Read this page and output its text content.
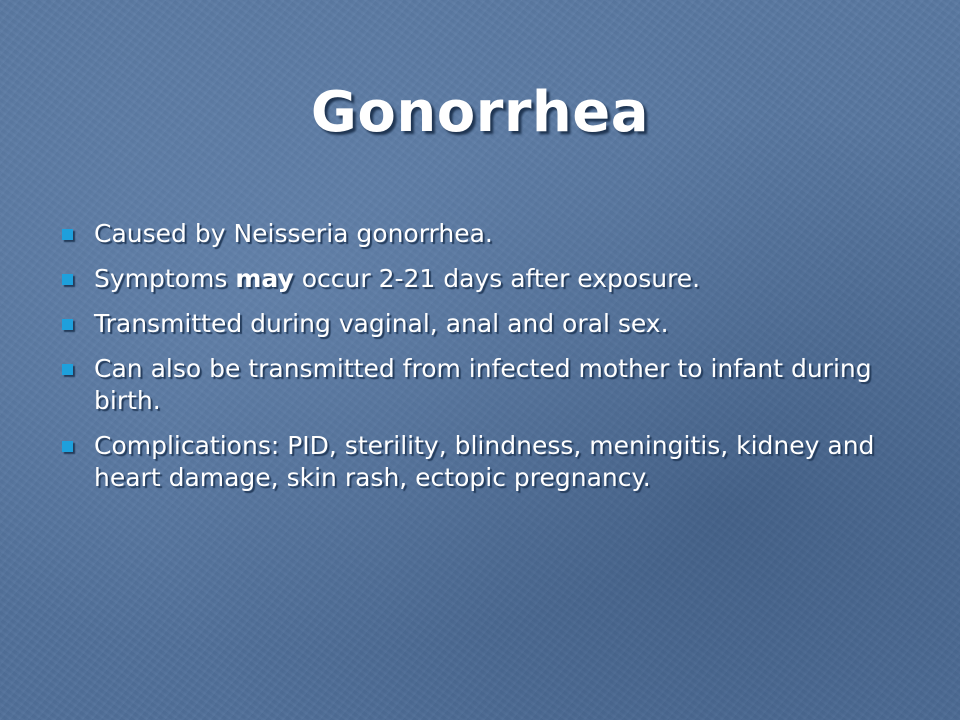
Gonorrhea
Caused by Neisseria gonorrhea.
Symptoms may occur 2-21 days after exposure.
Transmitted during vaginal, anal and oral sex.
Can also be transmitted from infected mother to infant during birth.
Complications: PID, sterility, blindness, meningitis, kidney and heart damage, skin rash, ectopic pregnancy.
